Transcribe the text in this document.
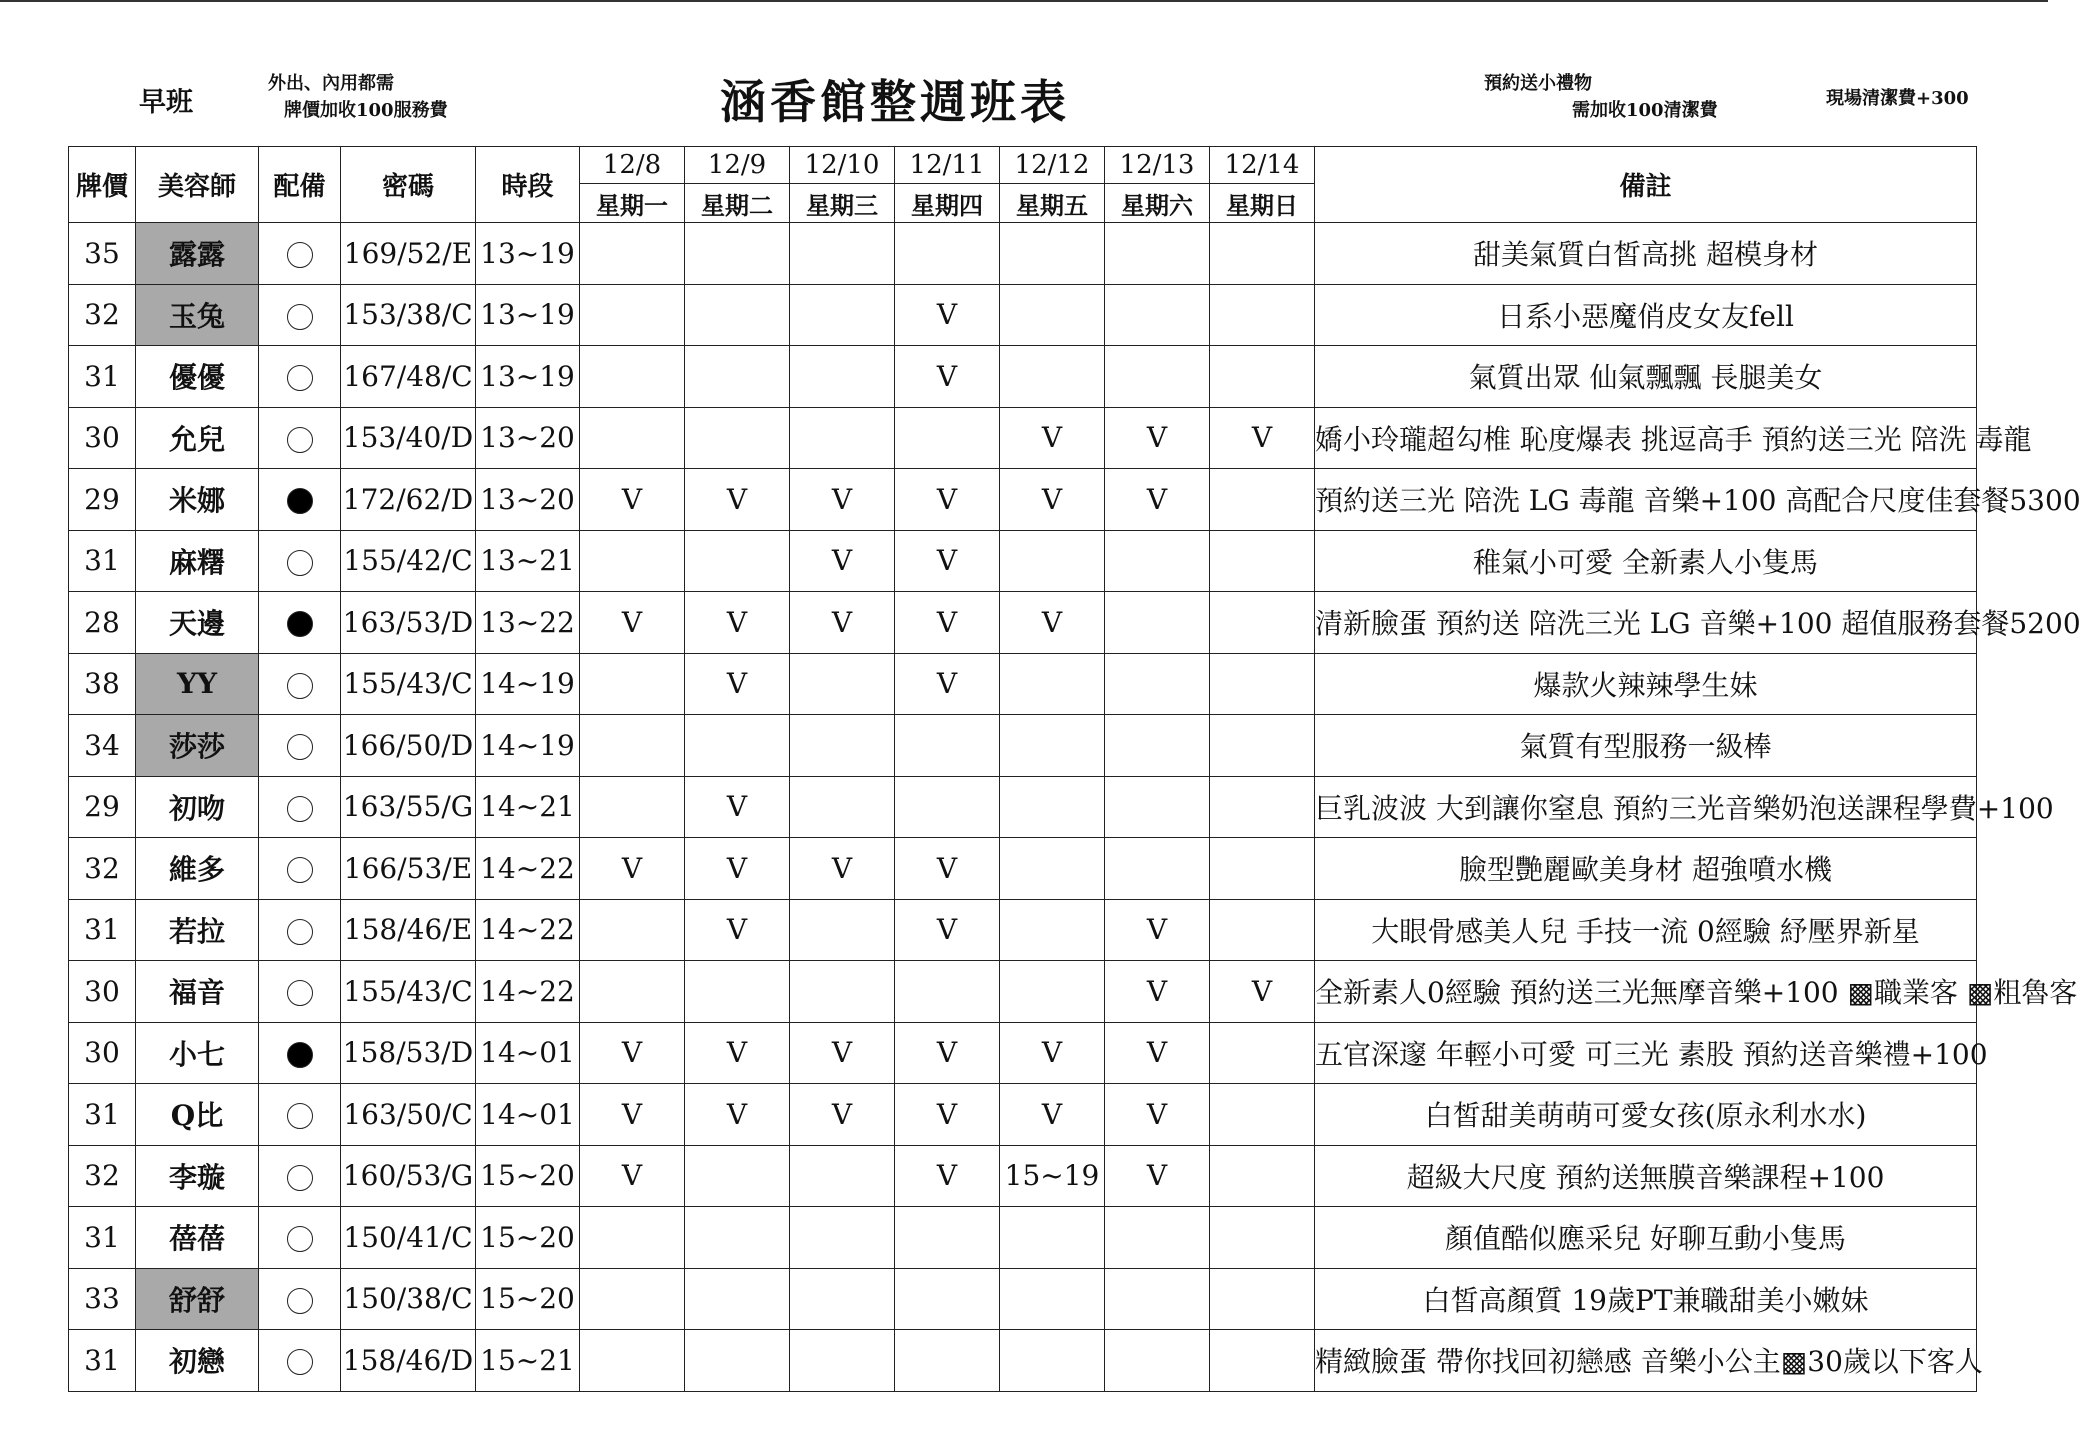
早班
外出、內用都需
牌價加收100服務費	涵香館整週班表	預約送小禮物
需加收100清潔費
現場清潔費+300
牌價	美容師	配備	密碼	時段	12/8	12/9	12/10	12/11	12/12	12/13	12/14	備註
					星期一	星期二	星期三	星期四	星期五	星期六	星期日	
35	露露		169/52/E	13~19								甜美氣質白皙高挑 超模身材
32	玉兔		153/38/C	13~19				V				日系小惡魔俏皮女友fell
31	優優		167/48/C	13~19				V				氣質出眾 仙氣飄飄 長腿美女
30	允兒		153/40/D	13~20					V	V	V	嬌小玲瓏超勾椎 恥度爆表 挑逗高手 預約送三光 陪洗 毒龍
29	米娜		172/62/D	13~20	V	V	V	V	V	V		預約送三光 陪洗 LG 毒龍 音樂+100 高配合尺度佳套餐5300
31	麻糬		155/42/C	13~21			V	V				稚氣小可愛 全新素人小隻馬
28	天邊		163/53/D	13~22	V	V	V	V	V			清新臉蛋 預約送 陪洗三光 LG 音樂+100 超值服務套餐5200
38	YY		155/43/C	14~19		V		V				爆款火辣辣學生妹
34	莎莎		166/50/D	14~19								氣質有型服務一級棒
29	初吻		163/55/G	14~21		V						巨乳波波 大到讓你窒息 預約三光音樂奶泡送課程學費+100
32	維多		166/53/E	14~22	V	V	V	V				臉型艷麗歐美身材 超強噴水機
31	若拉		158/46/E	14~22		V		V		V		大眼骨感美人兒 手技一流 0經驗 紓壓界新星
30	福音		155/43/C	14~22						V	V	全新素人0經驗 預約送三光無摩音樂+100 ▩職業客 ▩粗魯客
30	小七		158/53/D	14~01	V	V	V	V	V	V		五官深邃 年輕小可愛 可三光 素股 預約送音樂禮+100
31	Q比		163/50/C	14~01	V	V	V	V	V	V		白皙甜美萌萌可愛女孩(原永利水水)
32	李璇		160/53/G	15~20	V			V	15~19	V		超級大尺度 預約送無膜音樂課程+100
31	蓓蓓		150/41/C	15~20								顏值酷似應采兒 好聊互動小隻馬
33	舒舒		150/38/C	15~20								白皙高顏質 19歲PT兼職甜美小嫩妹
31	初戀		158/46/D	15~21								精緻臉蛋 帶你找回初戀感 音樂小公主▩30歲以下客人
